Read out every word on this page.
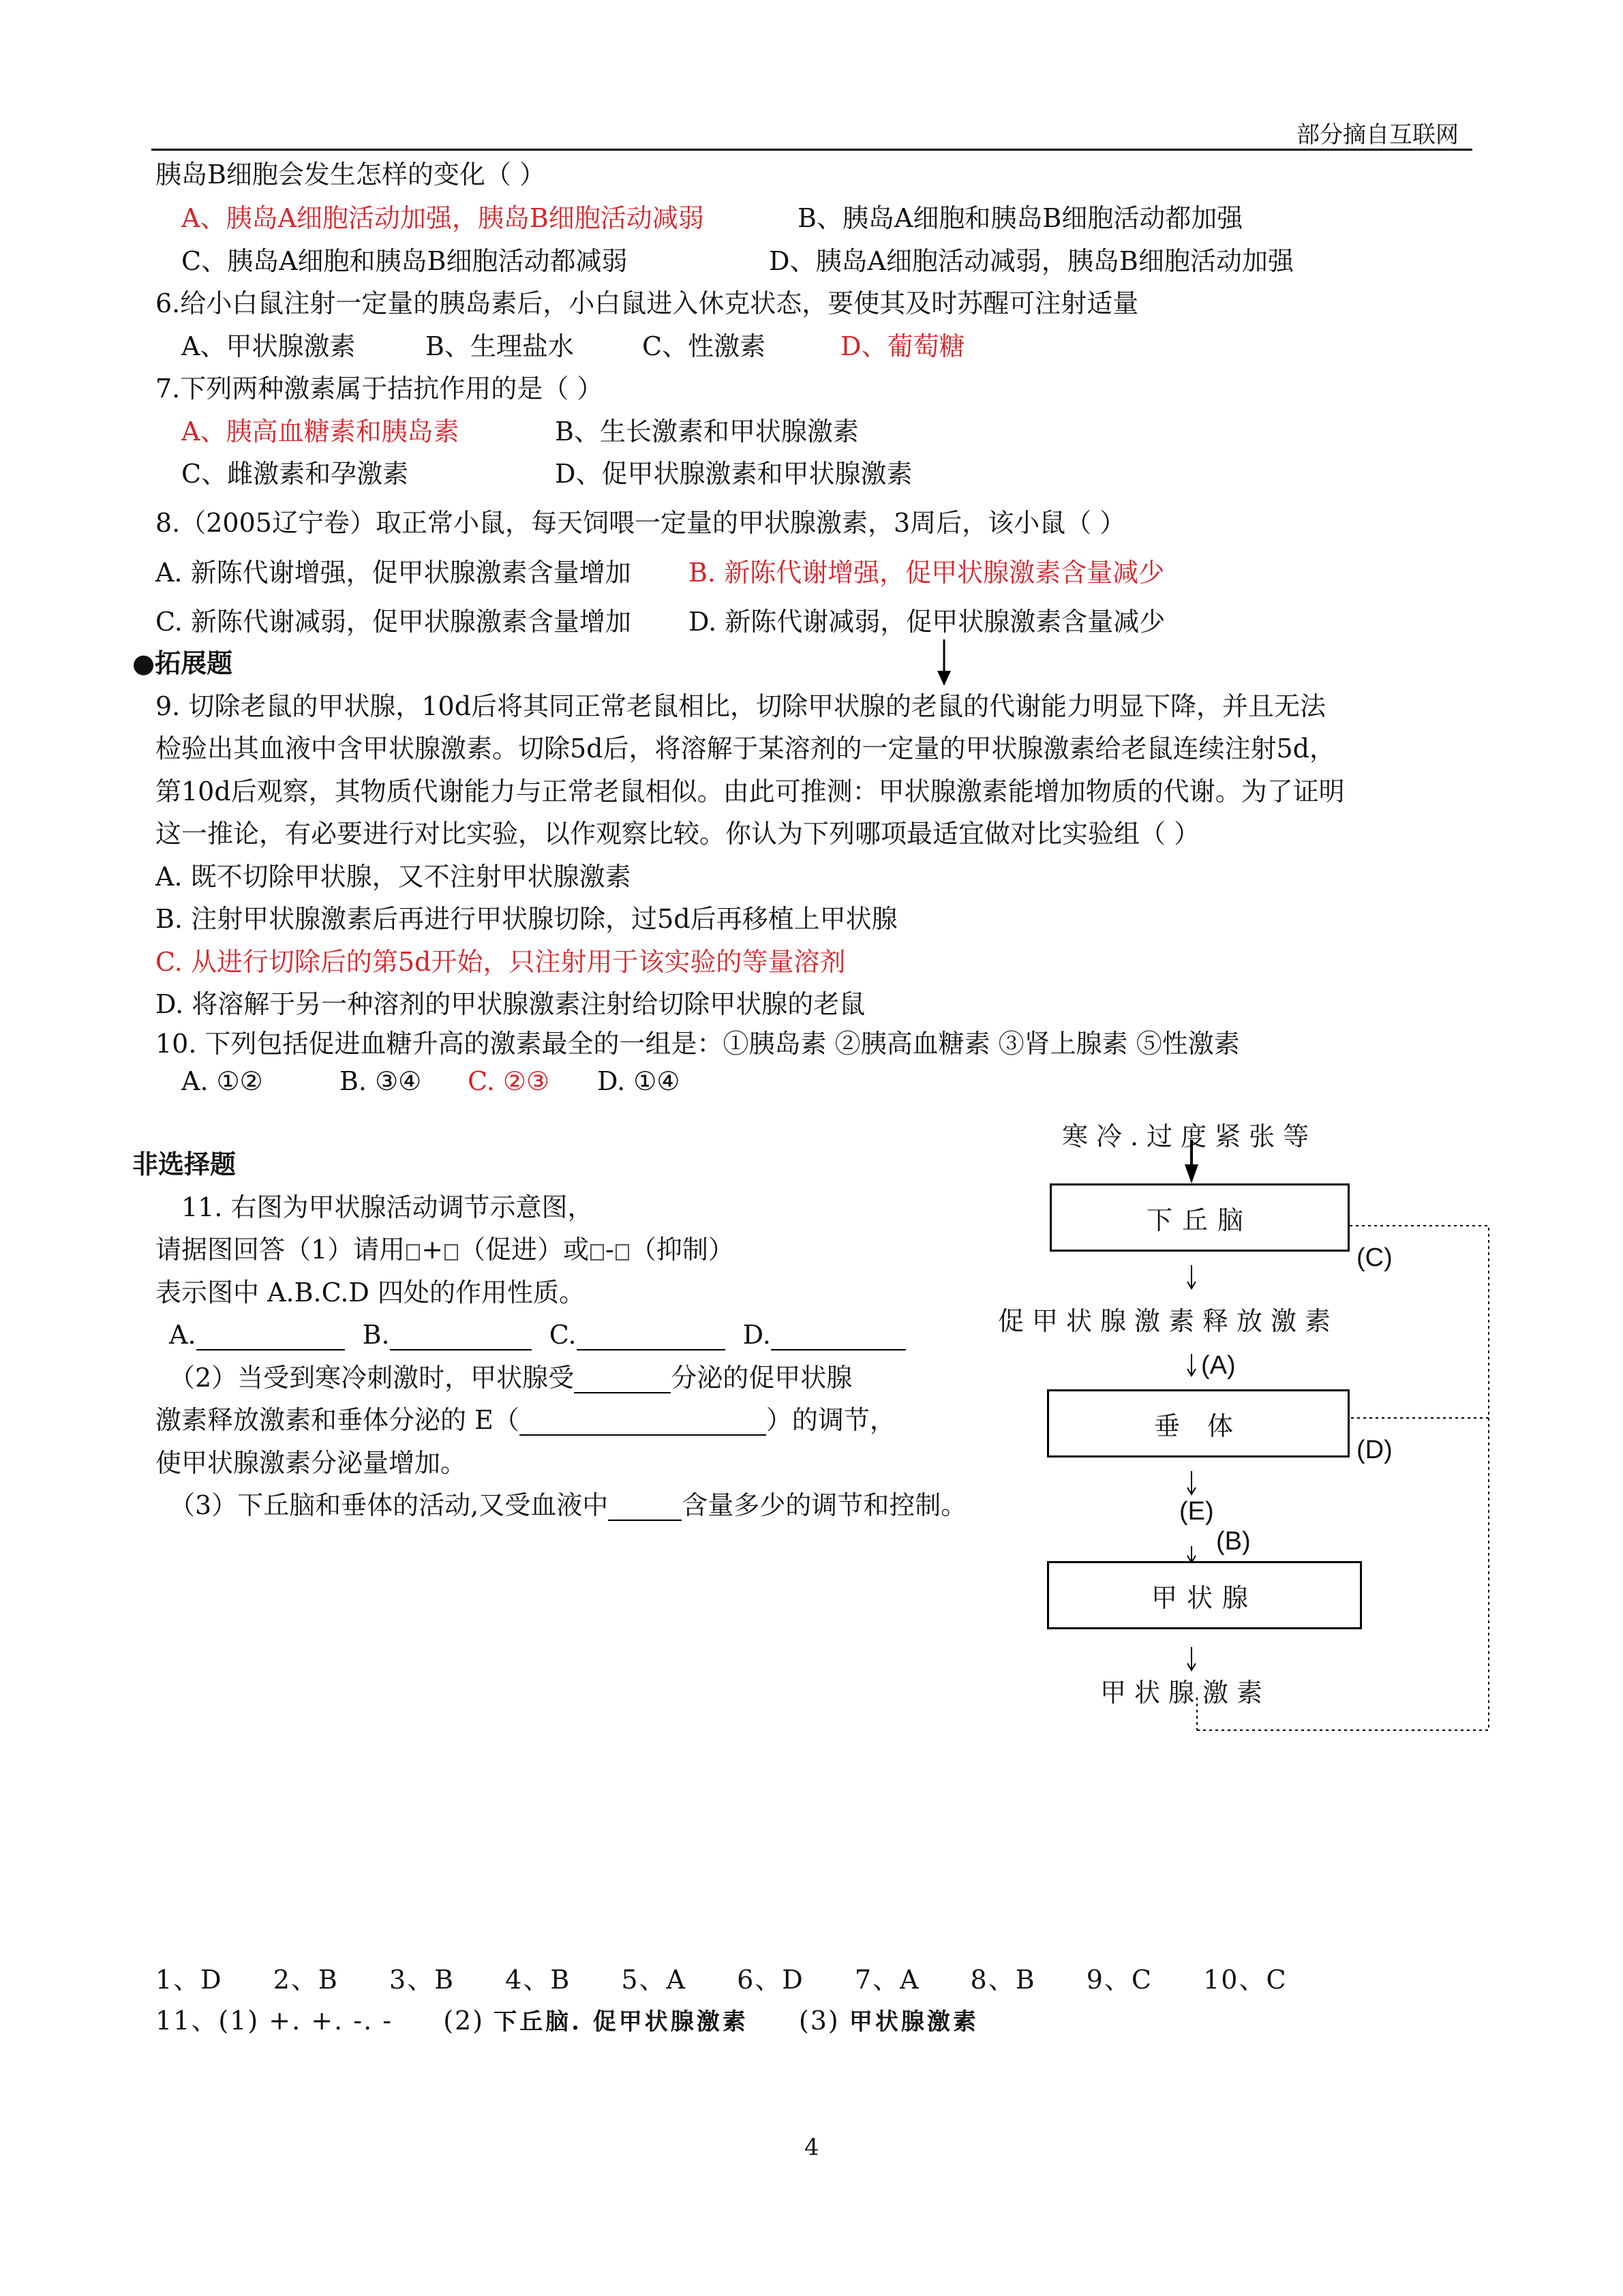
部分摘自互联网
胰岛B细胞会发生怎样的变化（ ）
A、胰岛A细胞活动加强，胰岛B细胞活动减弱	B、胰岛A细胞和胰岛B细胞活动都加强
C、胰岛A细胞和胰岛B细胞活动都减弱	D、胰岛A细胞活动减弱，胰岛B细胞活动加强
6.给小白鼠注射一定量的胰岛素后，小白鼠进入休克状态，要使其及时苏醒可注射适量
A、甲状腺激素	B、生理盐水	C、性激素	D、葡萄糖
7.下列两种激素属于拮抗作用的是（ ）
A、胰高血糖素和胰岛素	B、生长激素和甲状腺激素
C、雌激素和孕激素	D、促甲状腺激素和甲状腺激素
8.（2005辽宁卷）取正常小鼠，每天饲喂一定量的甲状腺激素，3周后，该小鼠（ ）
A. 新陈代谢增强，促甲状腺激素含量增加 B. 新陈代谢增强，促甲状腺激素含量减少
C. 新陈代谢减弱，促甲状腺激素含量增加 D. 新陈代谢减弱，促甲状腺激素含量减少
●拓展题
9. 切除老鼠的甲状腺，10d后将其同正常老鼠相比，切除甲状腺的老鼠的代谢能力明显下降，并且无法
检验出其血液中含甲状腺激素。切除5d后，将溶解于某溶剂的一定量的甲状腺激素给老鼠连续注射5d，
第10d后观察，其物质代谢能力与正常老鼠相似。由此可推测：甲状腺激素能增加物质的代谢。为了证明
这一推论，有必要进行对比实验，以作观察比较。你认为下列哪项最适宜做对比实验组（ ）
A. 既不切除甲状腺，又不注射甲状腺激素
B. 注射甲状腺激素后再进行甲状腺切除，过5d后再移植上甲状腺
C. 从进行切除后的第5d开始，只注射用于该实验的等量溶剂
D. 将溶解于另一种溶剂的甲状腺激素注射给切除甲状腺的老鼠
10. 下列包括促进血糖升高的激素最全的一组是：①胰岛素 ②胰高血糖素 ③肾上腺素 ⑤性激素
A. ①②	B. ③④ C. ②③ D. ①④
非选择题
11. 右图为甲状腺活动调节示意图，
请据图回答（1）请用 + （促进）或 - （抑制）
表示图中 A.B.C.D 四处的作用性质。
A.	B.	C.	D.
（2）当受到寒冷刺激时，甲状腺受	分泌的促甲状腺
激素释放激素和垂体分泌的 E（	）的调节，
使甲状腺激素分泌量增加。
（3）下丘脑和垂体的活动,又受血液中	含量多少的调节和控制。
寒冷.过度紧张等
下丘脑
促甲状腺激素释放激素
垂 体
甲状腺
甲状腺激素
(C)
(A)
(D)
(E)
(B)
1、D 2、B 3、B 4、B 5、A 6、D 7、A 8、B 9、C 10、C
11、(1) +. +. -. - (2) 下丘脑. 促甲状腺激素 (3) 甲状腺激素
4
